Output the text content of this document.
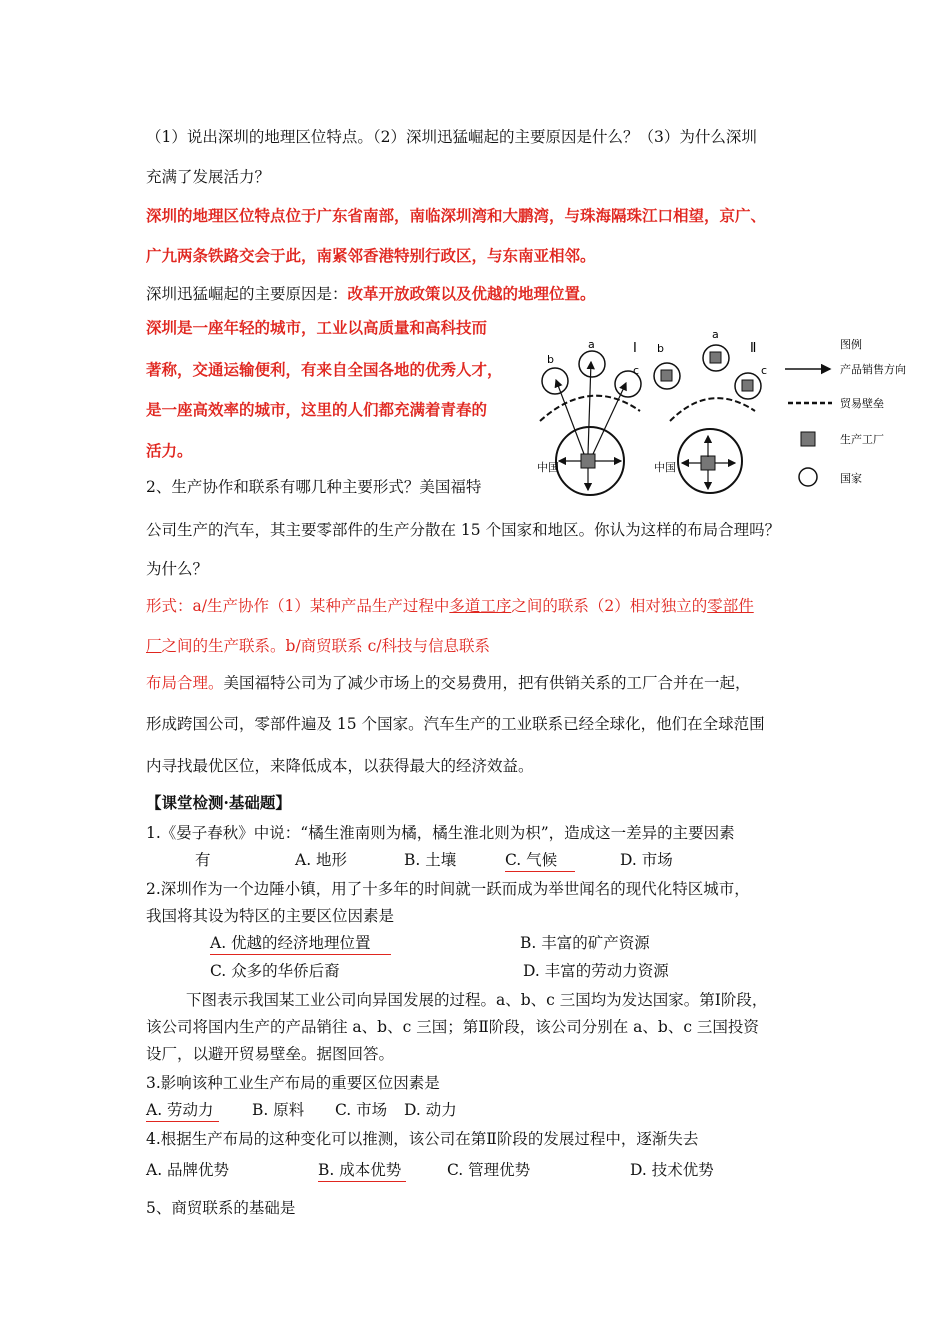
（1）说出深圳的地理区位特点。（2）深圳迅猛崛起的主要原因是什么？（3）为什么深圳
充满了发展活力？
深圳的地理区位特点位于广东省南部，南临深圳湾和大鹏湾，与珠海隔珠江口相望，京广、
广九两条铁路交会于此，南紧邻香港特别行政区，与东南亚相邻。
深圳迅猛崛起的主要原因是：改革开放政策以及优越的地理位置。
深圳是一座年轻的城市，工业以高质量和高科技而
著称，交通运输便利，有来自全国各地的优秀人才，
是一座高效率的城市，这里的人们都充满着青春的
活力。
a
b
c
Ⅰ
中国
a
b
c
Ⅱ
中国
图例
产品销售方向
贸易壁垒
生产工厂
国家
2、生产协作和联系有哪几种主要形式？美国福特
公司生产的汽车，其主要零部件的生产分散在 15 个国家和地区。你认为这样的布局合理吗？
为什么？
形式：a/生产协作（1）某种产品生产过程中多道工序之间的联系（2）相对独立的零部件
厂之间的生产联系。b/商贸联系 c/科技与信息联系
布局合理。美国福特公司为了减少市场上的交易费用，把有供销关系的工厂合并在一起，
形成跨国公司，零部件遍及 15 个国家。汽车生产的工业联系已经全球化，他们在全球范围
内寻找最优区位，来降低成本，以获得最大的经济效益。
【课堂检测·基础题】
1.《晏子春秋》中说：“橘生淮南则为橘，橘生淮北则为枳”，造成这一差异的主要因素
有	A. 地形	B. 土壤	C. 气候	D. 市场
2.深圳作为一个边陲小镇，用了十多年的时间就一跃而成为举世闻名的现代化特区城市，
我国将其设为特区的主要区位因素是
A. 优越的经济地理位置	B. 丰富的矿产资源
C. 众多的华侨后裔	D. 丰富的劳动力资源
下图表示我国某工业公司向异国发展的过程。a、b、c 三国均为发达国家。第Ⅰ阶段，
该公司将国内生产的产品销往 a、b、c 三国；第Ⅱ阶段，该公司分别在 a、b、c 三国投资
设厂，以避开贸易壁垒。据图回答。
3.影响该种工业生产布局的重要区位因素是
A. 劳动力	B. 原料 C. 市场 D. 动力
4.根据生产布局的这种变化可以推测，该公司在第Ⅱ阶段的发展过程中，逐渐失去
A. 品牌优势	B. 成本优势	C. 管理优势	D. 技术优势
5、商贸联系的基础是
